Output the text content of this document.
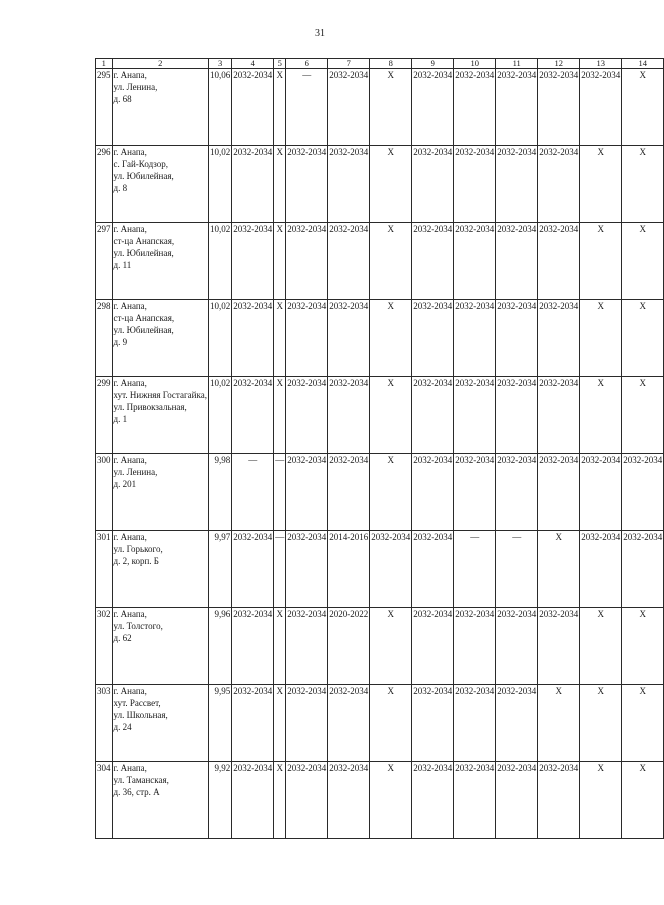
31
1	2	3	4	5	6	7	8	9	10	11	12	13	14
295	г. Анапа,
ул. Ленина,
д. 68	10,06	2032-2034	Х	—	2032-2034	Х	2032-2034	2032-2034	2032-2034	2032-2034	2032-2034	Х
296	г. Анапа,
с. Гай-Кодзор,
ул. Юбилейная,
д. 8	10,02	2032-2034	Х	2032-2034	2032-2034	Х	2032-2034	2032-2034	2032-2034	2032-2034	Х	Х
297	г. Анапа,
ст-ца Анапская,
ул. Юбилейная,
д. 11	10,02	2032-2034	Х	2032-2034	2032-2034	Х	2032-2034	2032-2034	2032-2034	2032-2034	Х	Х
298	г. Анапа,
ст-ца Анапская,
ул. Юбилейная,
д. 9	10,02	2032-2034	Х	2032-2034	2032-2034	Х	2032-2034	2032-2034	2032-2034	2032-2034	Х	Х
299	г. Анапа,
хут. Нижняя Гостагайка,
ул. Привокзальная,
д. 1	10,02	2032-2034	Х	2032-2034	2032-2034	Х	2032-2034	2032-2034	2032-2034	2032-2034	Х	Х
300	г. Анапа,
ул. Ленина,
д. 201	9,98	—	—	2032-2034	2032-2034	Х	2032-2034	2032-2034	2032-2034	2032-2034	2032-2034	2032-2034
301	г. Анапа,
ул. Горького,
д. 2, корп. Б	9,97	2032-2034	—	2032-2034	2014-2016	2032-2034	2032-2034	—	—	Х	2032-2034	2032-2034
302	г. Анапа,
ул. Толстого,
д. 62	9,96	2032-2034	Х	2032-2034	2020-2022	Х	2032-2034	2032-2034	2032-2034	2032-2034	Х	Х
303	г. Анапа,
хут. Рассвет,
ул. Школьная,
д. 24	9,95	2032-2034	Х	2032-2034	2032-2034	Х	2032-2034	2032-2034	2032-2034	Х	Х	Х
304	г. Анапа,
ул. Таманская,
д. 36, стр. А	9,92	2032-2034	Х	2032-2034	2032-2034	Х	2032-2034	2032-2034	2032-2034	2032-2034	Х	Х
